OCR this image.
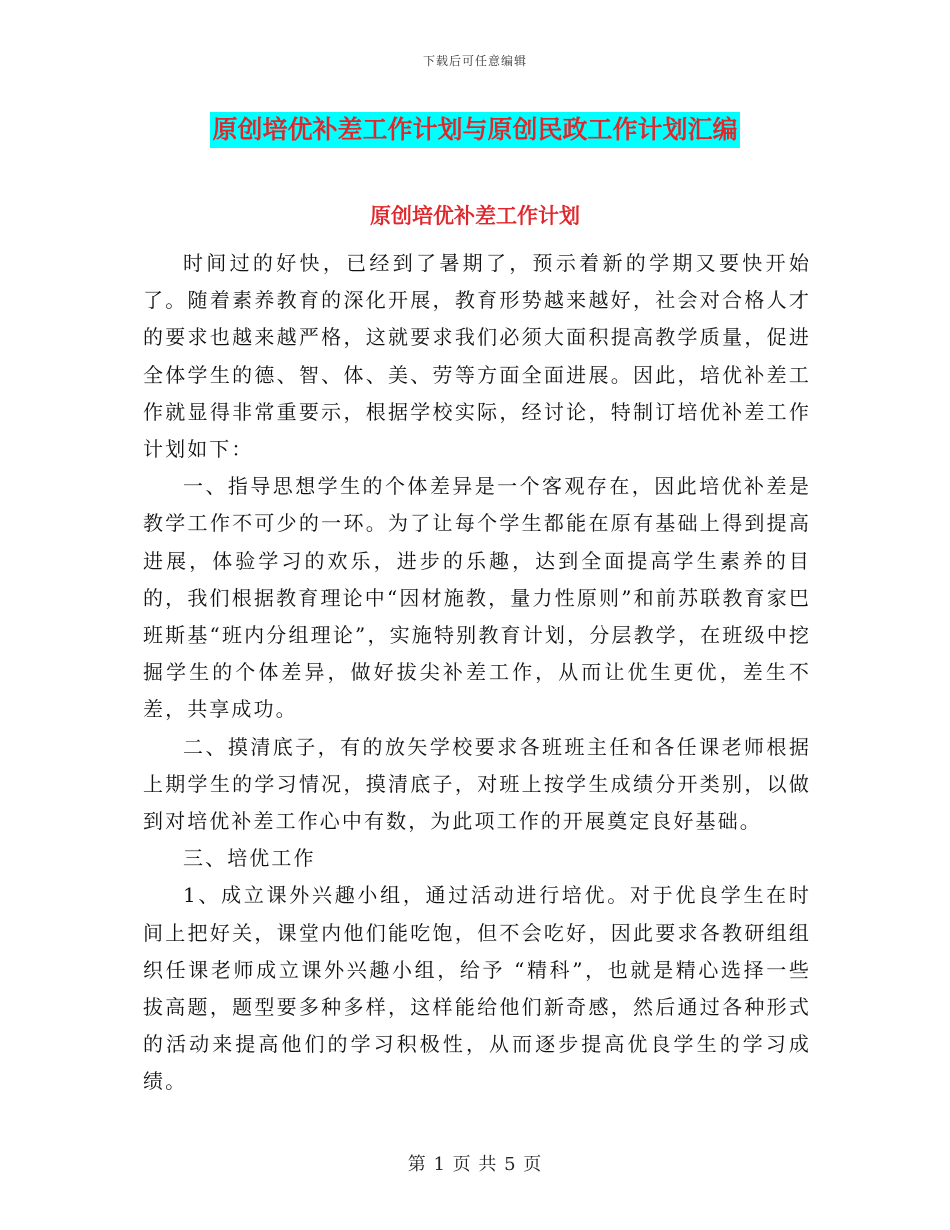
下载后可任意编辑
原创培优补差工作计划与原创民政工作计划汇编
原创培优补差工作计划

时间过的好快，已经到了暑期了，预示着新的学期又要快开始了。随着素养教育的深化开展，教育形势越来越好，社会对合格人才的要求也越来越严格，这就要求我们必须大面积提高教学质量，促进全体学生的德、智、体、美、劳等方面全面进展。因此，培优补差工作就显得非常重要示，根据学校实际，经讨论，特制订培优补差工作计划如下：

一、指导思想学生的个体差异是一个客观存在，因此培优补差是教学工作不可少的一环。为了让每个学生都能在原有基础上得到提高进展，体验学习的欢乐，进步的乐趣，达到全面提高学生素养的目的，我们根据教育理论中“因材施教，量力性原则”和前苏联教育家巴班斯基“班内分组理论”，实施特别教育计划，分层教学，在班级中挖掘学生的个体差异，做好拔尖补差工作，从而让优生更优，差生不差，共享成功。

二、摸清底子，有的放矢学校要求各班班主任和各任课老师根据上期学生的学习情况，摸清底子，对班上按学生成绩分开类别，以做到对培优补差工作心中有数，为此项工作的开展奠定良好基础。

三、培优工作

1、成立课外兴趣小组，通过活动进行培优。对于优良学生在时间上把好关，课堂内他们能吃饱，但不会吃好，因此要求各教研组组织任课老师成立课外兴趣小组，给予 “精科”，也就是精心选择一些拔高题，题型要多种多样，这样能给他们新奇感，然后通过各种形式的活动来提高他们的学习积极性，从而逐步提高优良学生的学习成绩。

第 1 页 共 5 页
